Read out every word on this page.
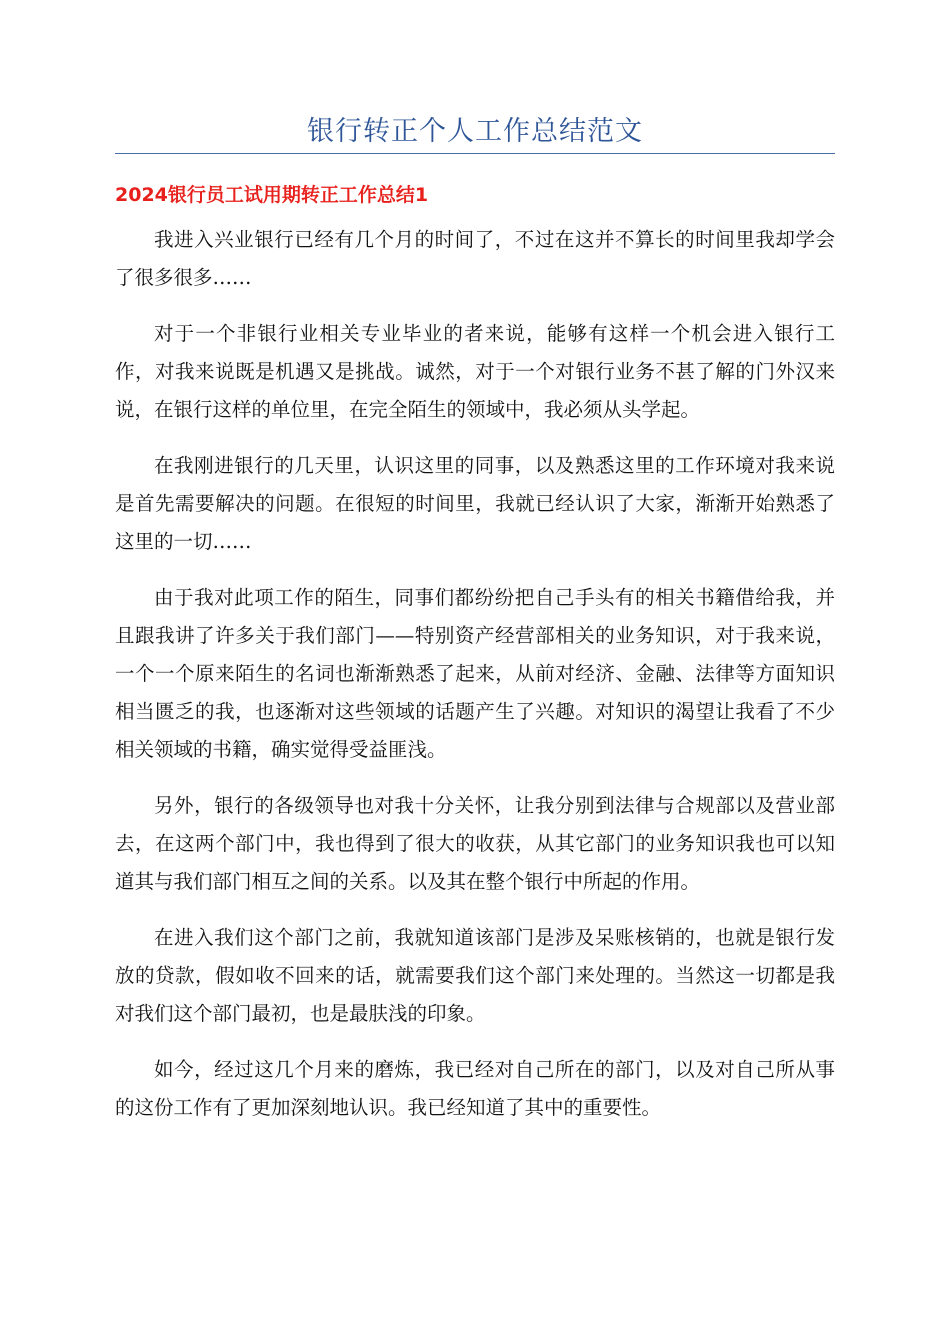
银行转正个人工作总结范文
2024银行员工试用期转正工作总结1

我进入兴业银行已经有几个月的时间了，不过在这并不算长的时间里我却学会了很多很多……

对于一个非银行业相关专业毕业的者来说，能够有这样一个机会进入银行工作，对我来说既是机遇又是挑战。诚然，对于一个对银行业务不甚了解的门外汉来说，在银行这样的单位里，在完全陌生的领域中，我必须从头学起。

在我刚进银行的几天里，认识这里的同事，以及熟悉这里的工作环境对我来说是首先需要解决的问题。在很短的时间里，我就已经认识了大家，渐渐开始熟悉了这里的一切……

由于我对此项工作的陌生，同事们都纷纷把自己手头有的相关书籍借给我，并且跟我讲了许多关于我们部门——特别资产经营部相关的业务知识，对于我来说，一个一个原来陌生的名词也渐渐熟悉了起来，从前对经济、金融、法律等方面知识相当匮乏的我，也逐渐对这些领域的话题产生了兴趣。对知识的渴望让我看了不少相关领域的书籍，确实觉得受益匪浅。

另外，银行的各级领导也对我十分关怀，让我分别到法律与合规部以及营业部去，在这两个部门中，我也得到了很大的收获，从其它部门的业务知识我也可以知道其与我们部门相互之间的关系。以及其在整个银行中所起的作用。

在进入我们这个部门之前，我就知道该部门是涉及呆账核销的，也就是银行发放的贷款，假如收不回来的话，就需要我们这个部门来处理的。当然这一切都是我对我们这个部门最初，也是最肤浅的印象。

如今，经过这几个月来的磨炼，我已经对自己所在的部门，以及对自己所从事的这份工作有了更加深刻地认识。我已经知道了其中的重要性。
